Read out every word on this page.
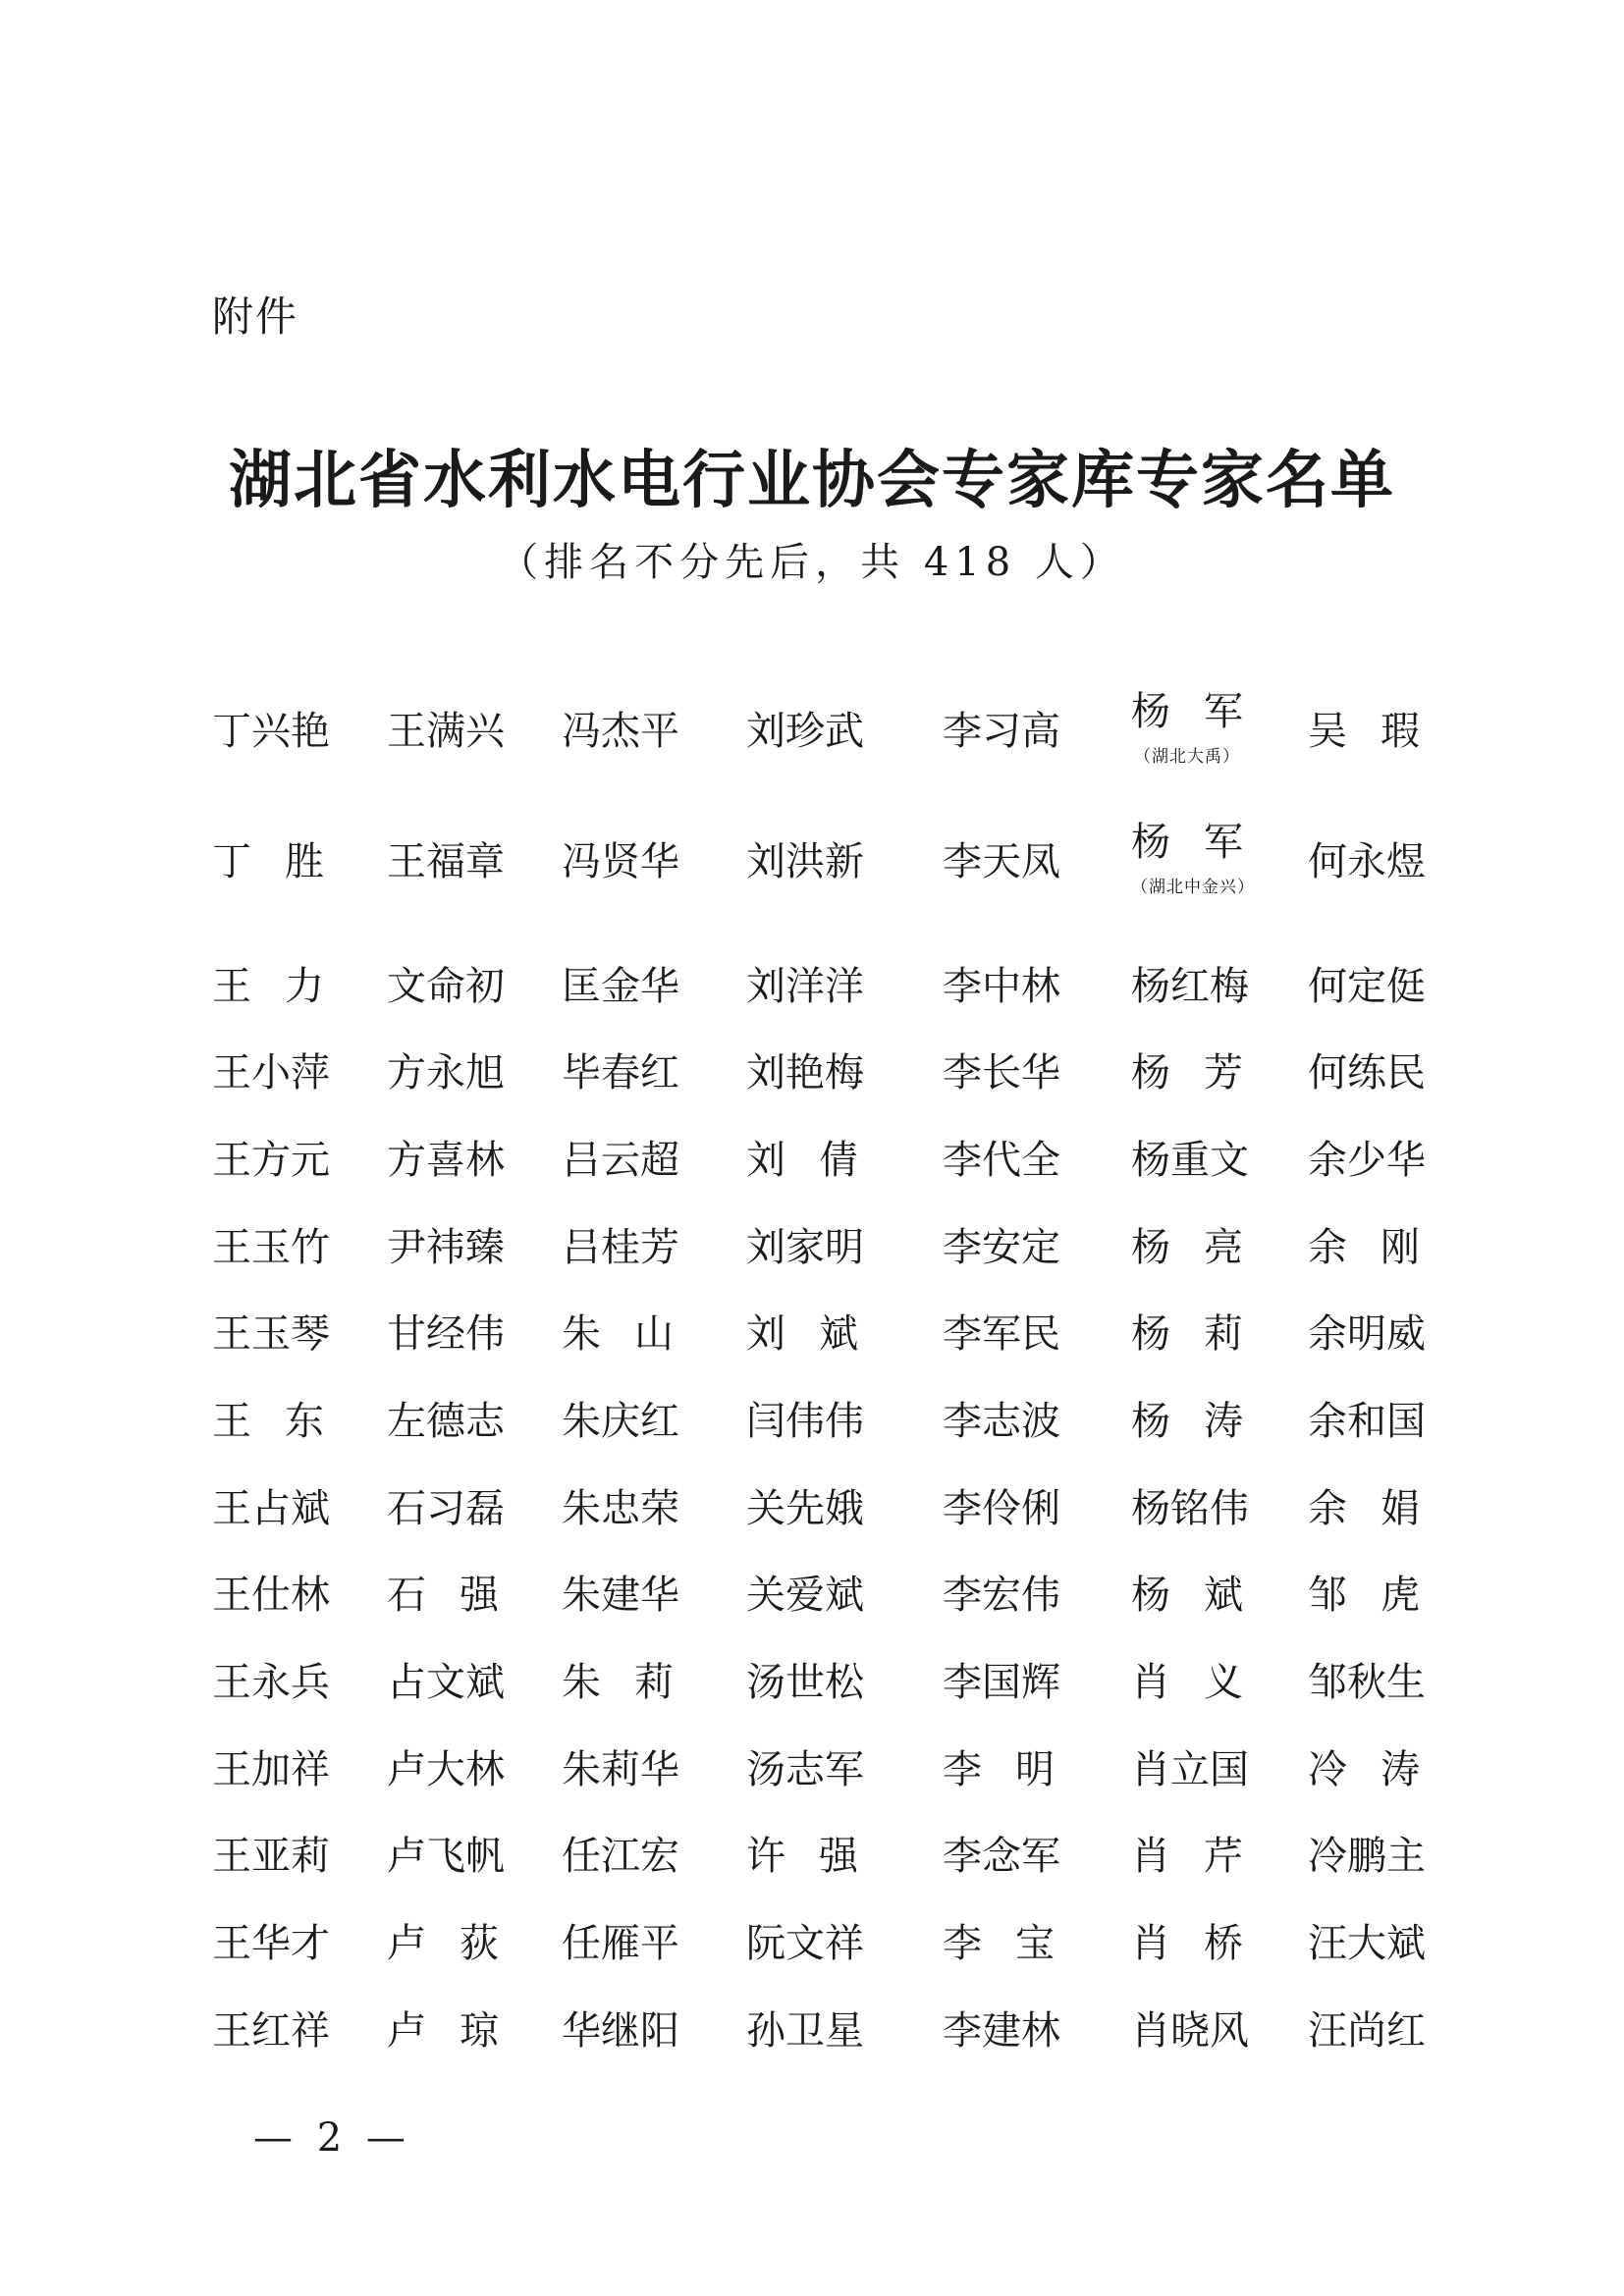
附件
湖北省水利水电行业协会专家库专家名单
（排名不分先后，共 418 人）
丁兴艳
丁 胜
王 力
王小萍
王方元
王玉竹
王玉琴
王 东
王占斌
王仕林
王永兵
王加祥
王亚莉
王华才
王红祥
王满兴
王福章
文命初
方永旭
方喜林
尹祎臻
甘经伟
左德志
石习磊
石 强
占文斌
卢大林
卢飞帆
卢 荻
卢 琼
冯杰平
冯贤华
匡金华
毕春红
吕云超
吕桂芳
朱 山
朱庆红
朱忠荣
朱建华
朱 莉
朱莉华
任江宏
任雁平
华继阳
刘珍武
刘洪新
刘洋洋
刘艳梅
刘 倩
刘家明
刘 斌
闫伟伟
关先娥
关爱斌
汤世松
汤志军
许 强
阮文祥
孙卫星
李习高
李天凤
李中林
李长华
李代全
李安定
李军民
李志波
李伶俐
李宏伟
李国辉
李 明
李念军
李 宝
李建林
杨 军
（湖北大禹）
杨 军
（湖北中金兴）
杨红梅
杨 芳
杨重文
杨 亮
杨 莉
杨 涛
杨铭伟
杨 斌
肖 义
肖立国
肖 芹
肖 桥
肖晓风
吴 瑕
何永煜
何定侹
何练民
余少华
余 刚
余明威
余和国
余 娟
邹 虎
邹秋生
冷 涛
冷鹏主
汪大斌
汪尚红
— 2 —
